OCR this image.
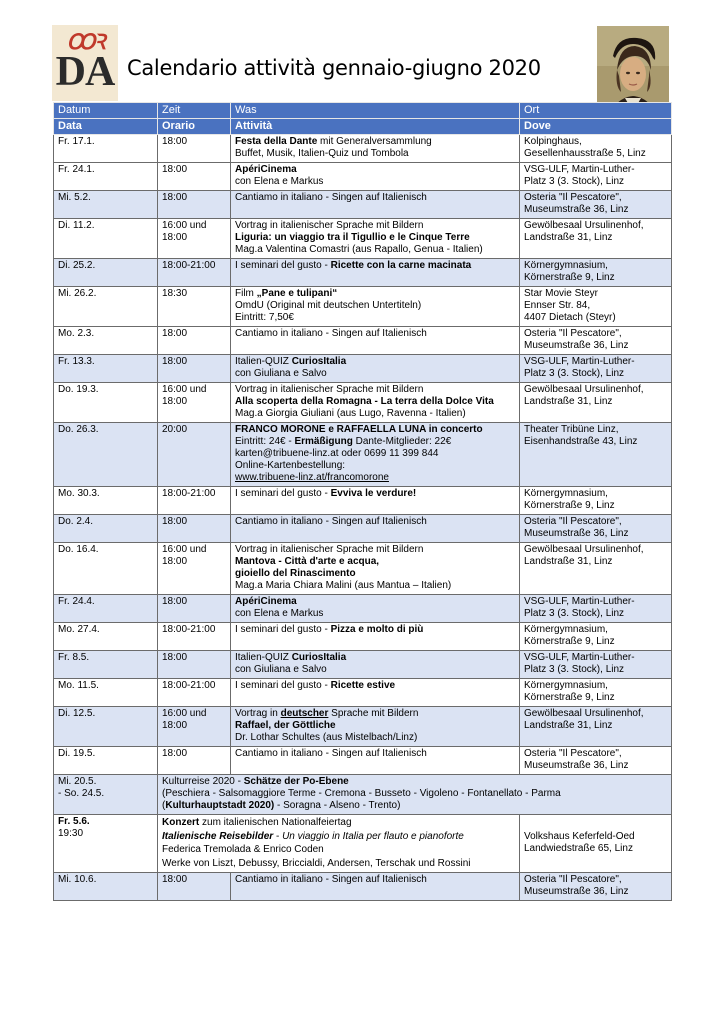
ꝎꝚ
DA Calendario attività gennaio-giugno 2020
Datum	Zeit	Was	Ort
Data	Orario	Attività	Dove
Fr. 17.1.	18:00	Festa della Dante mit Generalversammlung
Buffet, Musik, Italien-Quiz und Tombola	Kolpinghaus,
Gesellenhausstraße 5, Linz
Fr. 24.1.	18:00	ApériCinema
con Elena e Markus	VSG-ULF, Martin-Luther-
Platz 3 (3. Stock), Linz
Mi. 5.2.	18:00	Cantiamo in italiano - Singen auf Italienisch	Osteria "Il Pescatore",
Museumstraße 36, Linz
Di. 11.2.	16:00 und
18:00	Vortrag in italienischer Sprache mit Bildern
Liguria: un viaggio tra il Tigullio e le Cinque Terre
Mag.a Valentina Comastri (aus Rapallo, Genua - Italien)	Gewölbesaal Ursulinenhof,
Landstraße 31, Linz
Di. 25.2.	18:00-21:00	I seminari del gusto - Ricette con la carne macinata	Körnergymnasium,
Körnerstraße 9, Linz
Mi. 26.2.	18:30	Film „Pane e tulipani“
OmdU (Original mit deutschen Untertiteln)
Eintritt: 7,50€	Star Movie Steyr
Ennser Str. 84,
4407 Dietach (Steyr)
Mo. 2.3.	18:00	Cantiamo in italiano - Singen auf Italienisch	Osteria "Il Pescatore",
Museumstraße 36, Linz
Fr. 13.3.	18:00	Italien-QUIZ CuriosItalia
con Giuliana e Salvo	VSG-ULF, Martin-Luther-
Platz 3 (3. Stock), Linz
Do. 19.3.	16:00 und
18:00	Vortrag in italienischer Sprache mit Bildern
Alla scoperta della Romagna - La terra della Dolce Vita
Mag.a Giorgia Giuliani (aus Lugo, Ravenna - Italien)	Gewölbesaal Ursulinenhof,
Landstraße 31, Linz
Do. 26.3.	20:00	FRANCO MORONE e RAFFAELLA LUNA in concerto
Eintritt: 24€ - Ermäßigung Dante-Mitglieder: 22€
karten@tribuene-linz.at oder 0699 11 399 844
Online-Kartenbestellung:
www.tribuene-linz.at/francomorone	Theater Tribüne Linz,
Eisenhandstraße 43, Linz
Mo. 30.3.	18:00-21:00	I seminari del gusto - Evviva le verdure!	Körnergymnasium,
Körnerstraße 9, Linz
Do. 2.4.	18:00	Cantiamo in italiano - Singen auf Italienisch	Osteria "Il Pescatore",
Museumstraße 36, Linz
Do. 16.4.	16:00 und
18:00	Vortrag in italienischer Sprache mit Bildern
Mantova - Città d'arte e acqua,
gioiello del Rinascimento
Mag.a Maria Chiara Malini (aus Mantua – Italien)	Gewölbesaal Ursulinenhof,
Landstraße 31, Linz
Fr. 24.4.	18:00	ApériCinema
con Elena e Markus	VSG-ULF, Martin-Luther-
Platz 3 (3. Stock), Linz
Mo. 27.4.	18:00-21:00	I seminari del gusto - Pizza e molto di più	Körnergymnasium,
Körnerstraße 9, Linz
Fr. 8.5.	18:00	Italien-QUIZ CuriosItalia
con Giuliana e Salvo	VSG-ULF, Martin-Luther-
Platz 3 (3. Stock), Linz
Mo. 11.5.	18:00-21:00	I seminari del gusto - Ricette estive	Körnergymnasium,
Körnerstraße 9, Linz
Di. 12.5.	16:00 und
18:00	Vortrag in deutscher Sprache mit Bildern
Raffael, der Göttliche
Dr. Lothar Schultes (aus Mistelbach/Linz)	Gewölbesaal Ursulinenhof,
Landstraße 31, Linz
Di. 19.5.	18:00	Cantiamo in italiano - Singen auf Italienisch	Osteria "Il Pescatore",
Museumstraße 36, Linz
Mi. 20.5.
- So. 24.5.	Kulturreise 2020 - Schätze der Po-Ebene
(Peschiera - Salsomaggiore Terme - Cremona - Busseto - Vigoleno - Fontanellato - Parma
(Kulturhauptstadt 2020) - Soragna - Alseno - Trento)		
Fr. 5.6.
19:30	Konzert zum italienischen Nationalfeiertag
Italienische Reisebilder - Un viaggio in Italia per flauto e pianoforte
Federica Tremolada & Enrico Coden
Werke von Liszt, Debussy, Briccialdi, Andersen, Terschak und Rossini		Volkshaus Keferfeld-Oed
Landwiedstraße 65, Linz
Mi. 10.6.	18:00	Cantiamo in italiano - Singen auf Italienisch	Osteria "Il Pescatore",
Museumstraße 36, Linz
